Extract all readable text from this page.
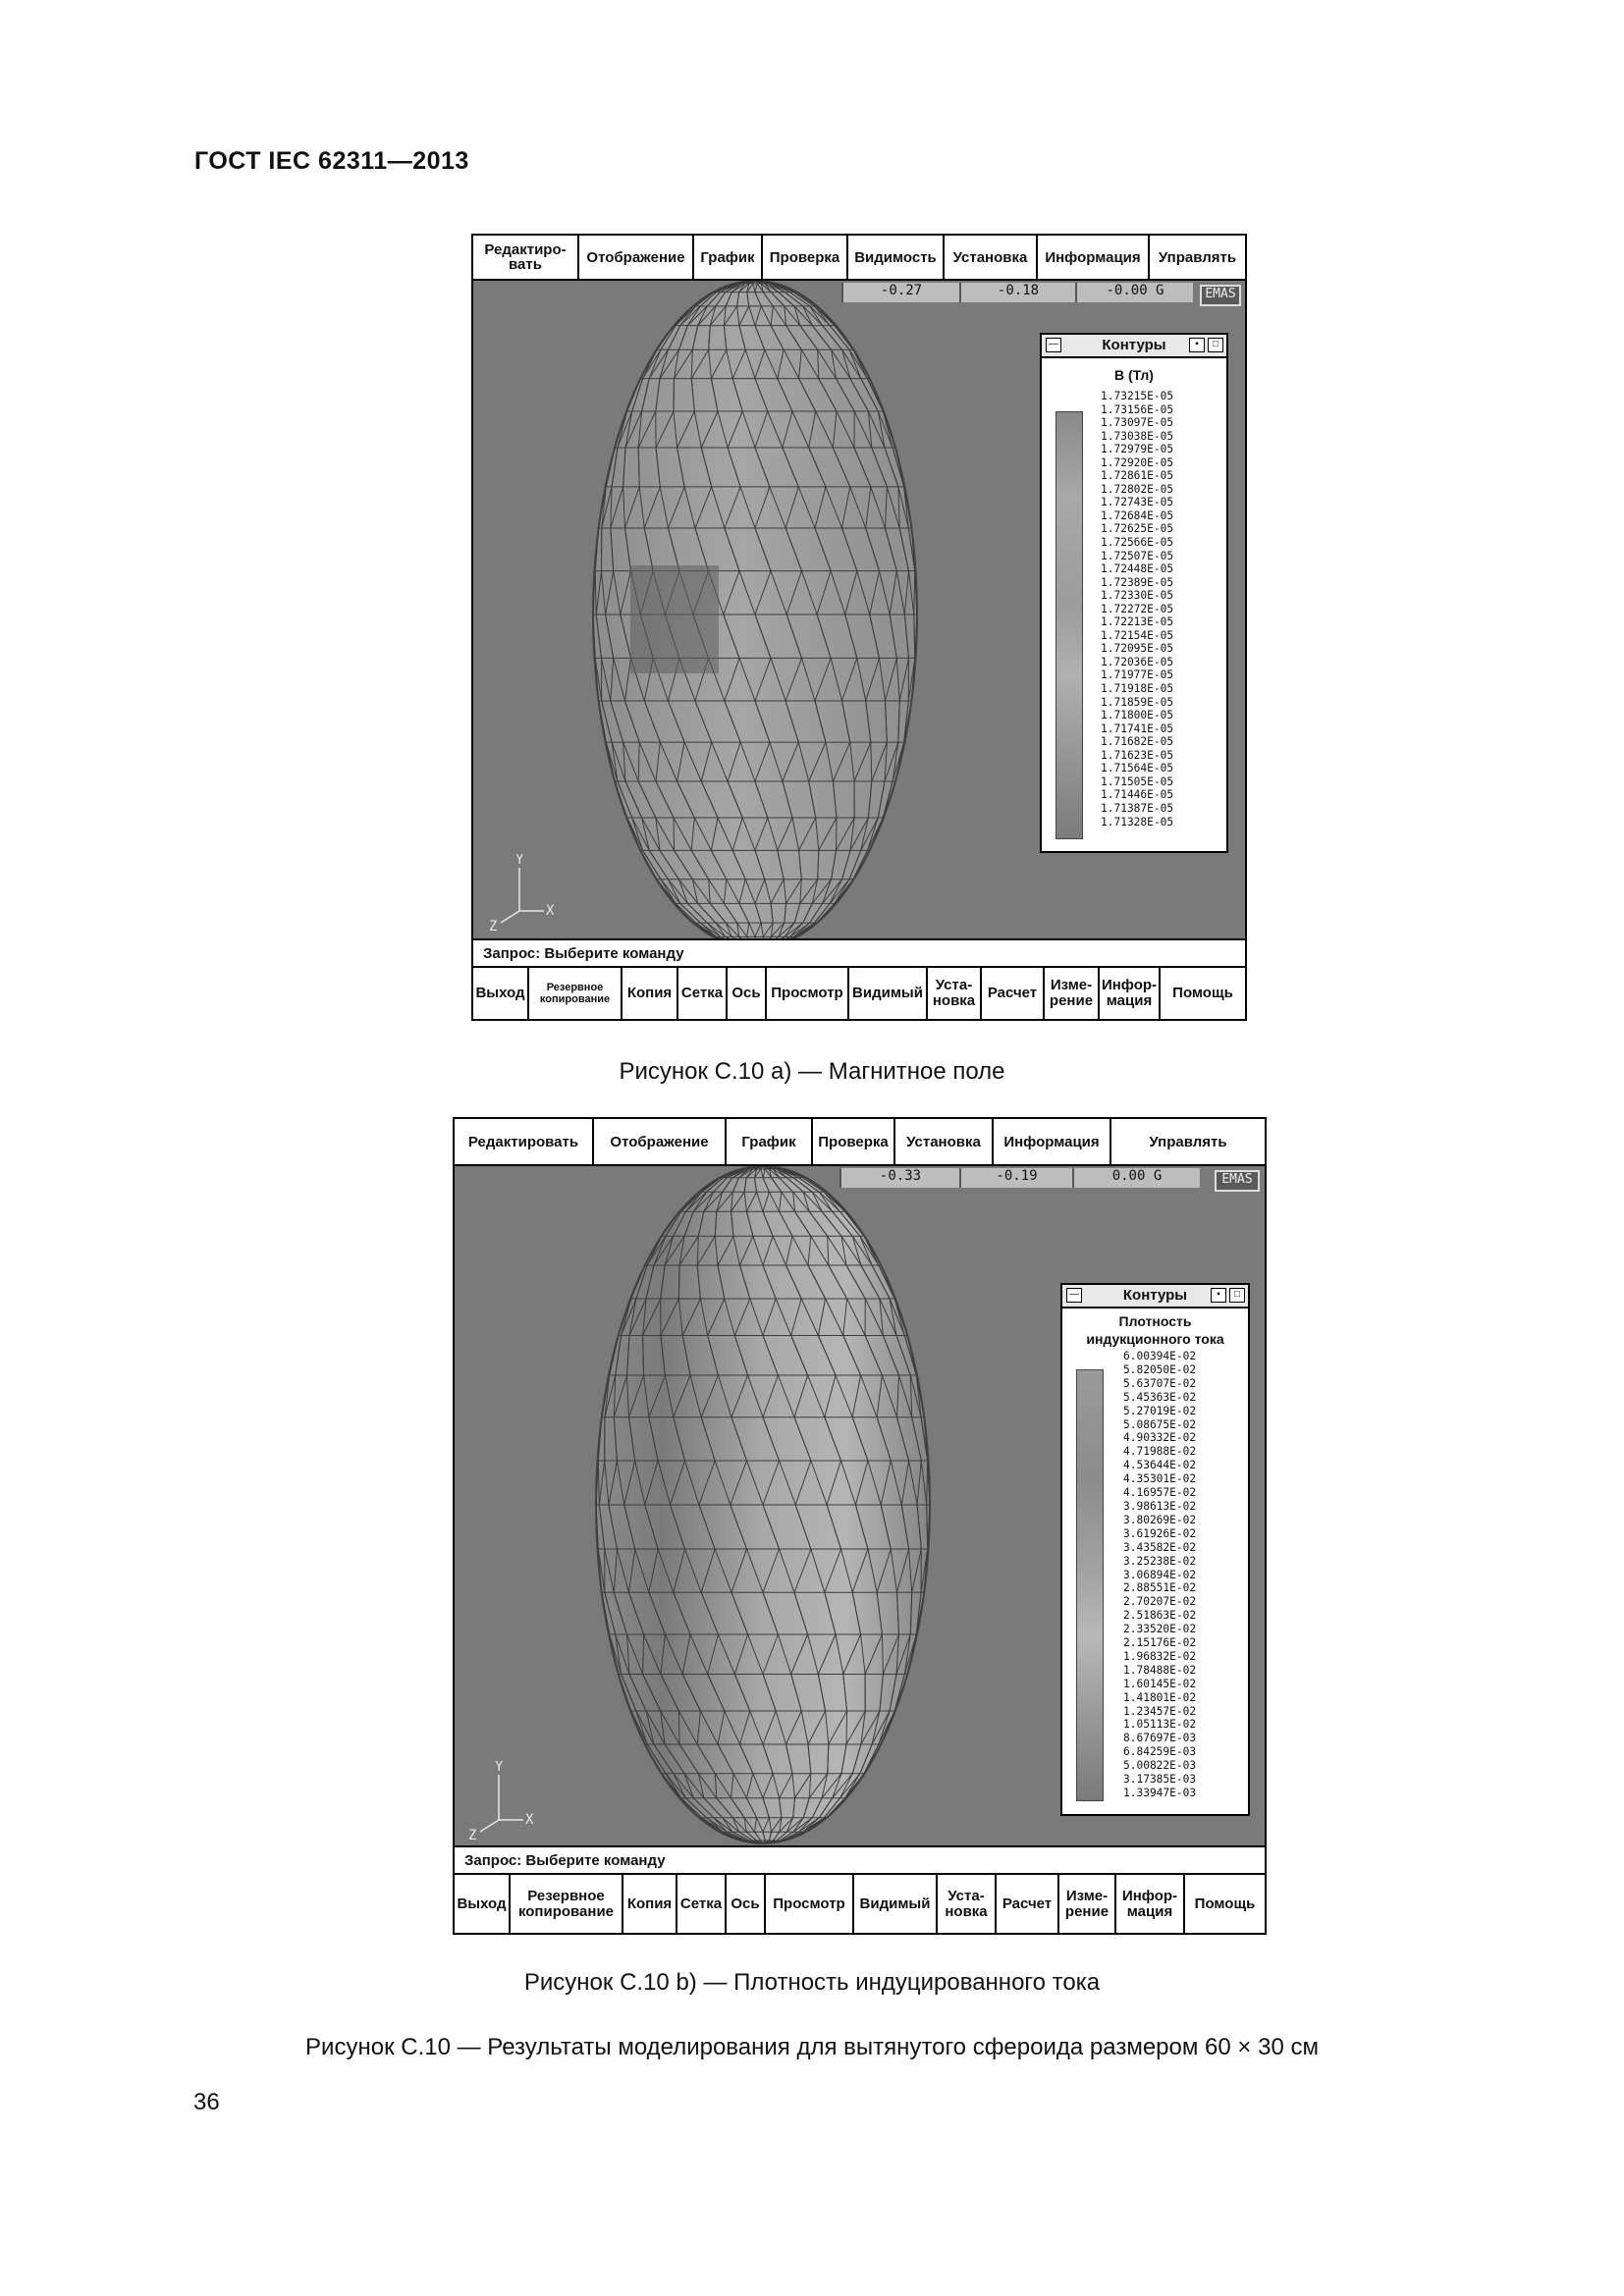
ГОСТ IEC 62311—2013
Редактиро-
вать	Отображение	График	Проверка Видимость	Установка	Информация	Управлять
-0.27	-0.18	-0.00 G	EMAS
—	Контуры	▪	□
B (Тл)
1.73215E-05
1.73156E-05
1.73097E-05
1.73038E-05
1.72979E-05
1.72920E-05
1.72861E-05
1.72802E-05
1.72743E-05
1.72684E-05
1.72625E-05
1.72566E-05
1.72507E-05
1.72448E-05
1.72389E-05
1.72330E-05
1.72272E-05
1.72213E-05
1.72154E-05
1.72095E-05
1.72036E-05
1.71977E-05
1.71918E-05
1.71859E-05
1.71800E-05
1.71741E-05
1.71682E-05
1.71623E-05
1.71564E-05
1.71505E-05
1.71446E-05
1.71387E-05
1.71328E-05
Y
X
Z
Запрос: Выберите команду
Выход	Резервное
копирование	Копия Сетка Ось Просмотр Видимый Уста-
новка Расчет Изме-
рение
Инфор-
мация	Помощь
Рисунок С.10 а) — Магнитное поле
Редактировать	Отображение	График	Проверка	Установка	Информация	Управлять
-0.33	-0.19	0.00 G	EMAS
—	Контуры	▪	□
Плотность
индукционного тока
6.00394E-02
5.82050E-02
5.63707E-02
5.45363E-02
5.27019E-02
5.08675E-02
4.90332E-02
4.71988E-02
4.53644E-02
4.35301E-02
4.16957E-02
3.98613E-02
3.80269E-02
3.61926E-02
3.43582E-02
3.25238E-02
3.06894E-02
2.88551E-02
2.70207E-02
2.51863E-02
2.33520E-02
2.15176E-02
1.96832E-02
1.78488E-02
1.60145E-02
1.41801E-02
1.23457E-02
1.05113E-02
8.67697E-03
6.84259E-03
5.00822E-03
3.17385E-03
1.33947E-03
Y
X
Z
Запрос: Выберите команду
Выход	Резервное
копирование Копия Сетка Ось Просмотр Видимый	Уста-
новка	Расчет Изме-
рение
Инфор-
мация	Помощь
Рисунок С.10 b) — Плотность индуцированного тока
Рисунок С.10 — Результаты моделирования для вытянутого сфероида размером 60 × 30 см
36
